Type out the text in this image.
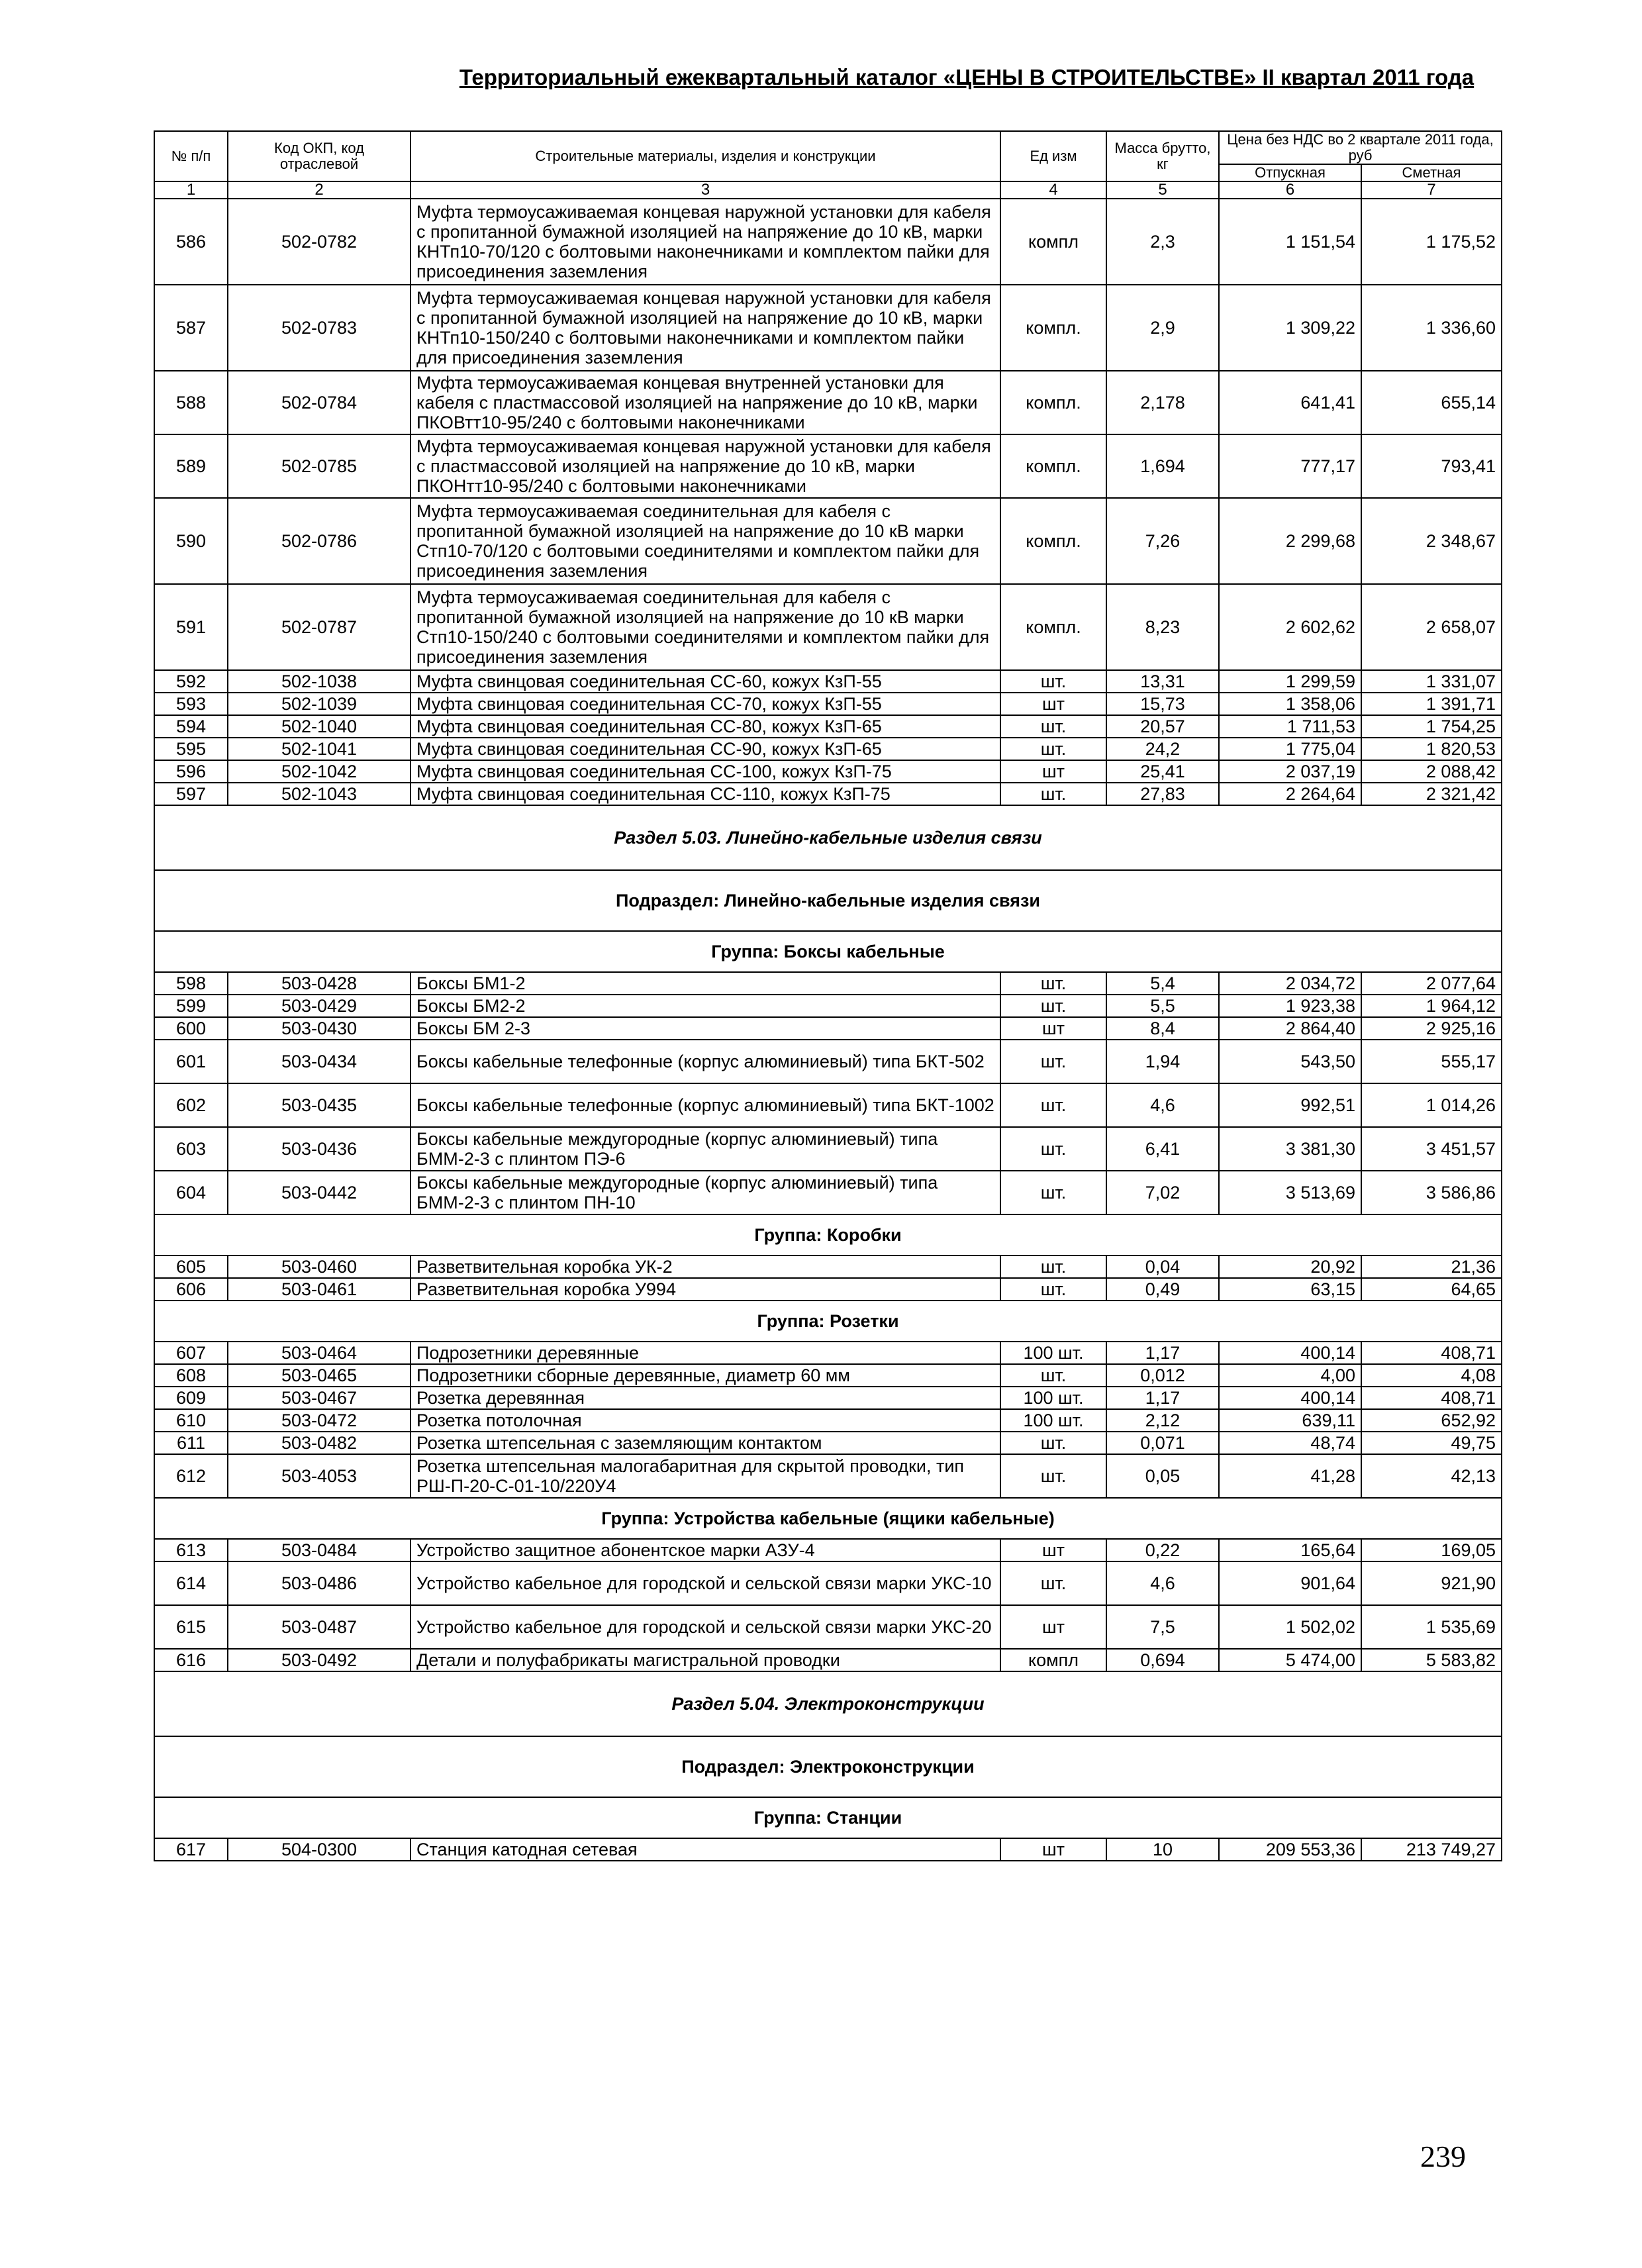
Территориальный ежеквартальный каталог «ЦЕНЫ В СТРОИТЕЛЬСТВЕ» II квартал 2011 года
№ п/п	Код ОКП, код отраслевой	Строительные материалы, изделия и конструкции	Ед изм	Масса брутто, кг	Цена без НДС во 2 квартале 2011 года, руб	
					Отпускная	Сметная
1	2	3	4	5	6	7
586	502-0782	Муфта термоусаживаемая концевая наружной установки для кабеля с пропитанной бумажной изоляцией на напряжение до 10 кВ, марки КНТп10-70/120 с болтовыми наконечниками и комплектом пайки для присоединения заземления	компл	2,3	1 151,54	1 175,52
587	502-0783	Муфта термоусаживаемая концевая наружной установки для кабеля с пропитанной бумажной изоляцией на напряжение до 10 кВ, марки КНТп10-150/240 с болтовыми наконечниками и комплектом пайки для присоединения заземления	компл.	2,9	1 309,22	1 336,60
588	502-0784	Муфта термоусаживаемая концевая внутренней установки для кабеля с пластмассовой изоляцией на напряжение до 10 кВ, марки ПКОВтт10-95/240 с болтовыми наконечниками	компл.	2,178	641,41	655,14
589	502-0785	Муфта термоусаживаемая концевая наружной установки для кабеля с пластмассовой изоляцией на напряжение до 10 кВ, марки ПКОНтт10-95/240 с болтовыми наконечниками	компл.	1,694	777,17	793,41
590	502-0786	Муфта термоусаживаемая соединительная для кабеля с пропитанной бумажной изоляцией на напряжение до 10 кВ марки Стп10-70/120 с болтовыми соединителями и комплектом пайки для присоединения заземления	компл.	7,26	2 299,68	2 348,67
591	502-0787	Муфта термоусаживаемая соединительная для кабеля с пропитанной бумажной изоляцией на напряжение до 10 кВ марки Стп10-150/240 с болтовыми соединителями и комплектом пайки для присоединения заземления	компл.	8,23	2 602,62	2 658,07
592	502-1038	Муфта свинцовая соединительная СС-60, кожух КзП-55	шт.	13,31	1 299,59	1 331,07
593	502-1039	Муфта свинцовая соединительная СС-70, кожух КзП-55	шт	15,73	1 358,06	1 391,71
594	502-1040	Муфта свинцовая соединительная СС-80, кожух КзП-65	шт.	20,57	1 711,53	1 754,25
595	502-1041	Муфта свинцовая соединительная СС-90, кожух КзП-65	шт.	24,2	1 775,04	1 820,53
596	502-1042	Муфта свинцовая соединительная СС-100, кожух КзП-75	шт	25,41	2 037,19	2 088,42
597	502-1043	Муфта свинцовая соединительная СС-110, кожух КзП-75	шт.	27,83	2 264,64	2 321,42
Раздел 5.03. Линейно-кабельные изделия связи						
Подраздел: Линейно-кабельные изделия связи						
Группа: Боксы кабельные						
598	503-0428	Боксы БМ1-2	шт.	5,4	2 034,72	2 077,64
599	503-0429	Боксы БМ2-2	шт.	5,5	1 923,38	1 964,12
600	503-0430	Боксы БМ 2-3	шт	8,4	2 864,40	2 925,16
601	503-0434	Боксы кабельные телефонные (корпус алюминиевый) типа БКТ-502	шт.	1,94	543,50	555,17
602	503-0435	Боксы кабельные телефонные (корпус алюминиевый) типа БКТ-1002	шт.	4,6	992,51	1 014,26
603	503-0436	Боксы кабельные междугородные (корпус алюминиевый) типа БММ-2-3 с плинтом ПЭ-6	шт.	6,41	3 381,30	3 451,57
604	503-0442	Боксы кабельные междугородные (корпус алюминиевый) типа БММ-2-3 с плинтом ПН-10	шт.	7,02	3 513,69	3 586,86
Группа: Коробки						
605	503-0460	Разветвительная коробка УК-2	шт.	0,04	20,92	21,36
606	503-0461	Разветвительная коробка У994	шт.	0,49	63,15	64,65
Группа: Розетки						
607	503-0464	Подрозетники деревянные	100 шт.	1,17	400,14	408,71
608	503-0465	Подрозетники сборные деревянные, диаметр 60 мм	шт.	0,012	4,00	4,08
609	503-0467	Розетка деревянная	100 шт.	1,17	400,14	408,71
610	503-0472	Розетка потолочная	100 шт.	2,12	639,11	652,92
611	503-0482	Розетка штепсельная с заземляющим контактом	шт.	0,071	48,74	49,75
612	503-4053	Розетка штепсельная малогабаритная для скрытой проводки, тип РШ-П-20-С-01-10/220У4	шт.	0,05	41,28	42,13
Группа: Устройства кабельные (ящики кабельные)						
613	503-0484	Устройство защитное абонентское марки АЗУ-4	шт	0,22	165,64	169,05
614	503-0486	Устройство кабельное для городской и сельской связи марки УКС-10	шт.	4,6	901,64	921,90
615	503-0487	Устройство кабельное для городской и сельской связи марки УКС-20	шт	7,5	1 502,02	1 535,69
616	503-0492	Детали и полуфабрикаты магистральной проводки	компл	0,694	5 474,00	5 583,82
Раздел 5.04. Электроконструкции						
Подраздел: Электроконструкции						
Группа: Станции						
617	504-0300	Станция катодная сетевая	шт	10	209 553,36	213 749,27
239
